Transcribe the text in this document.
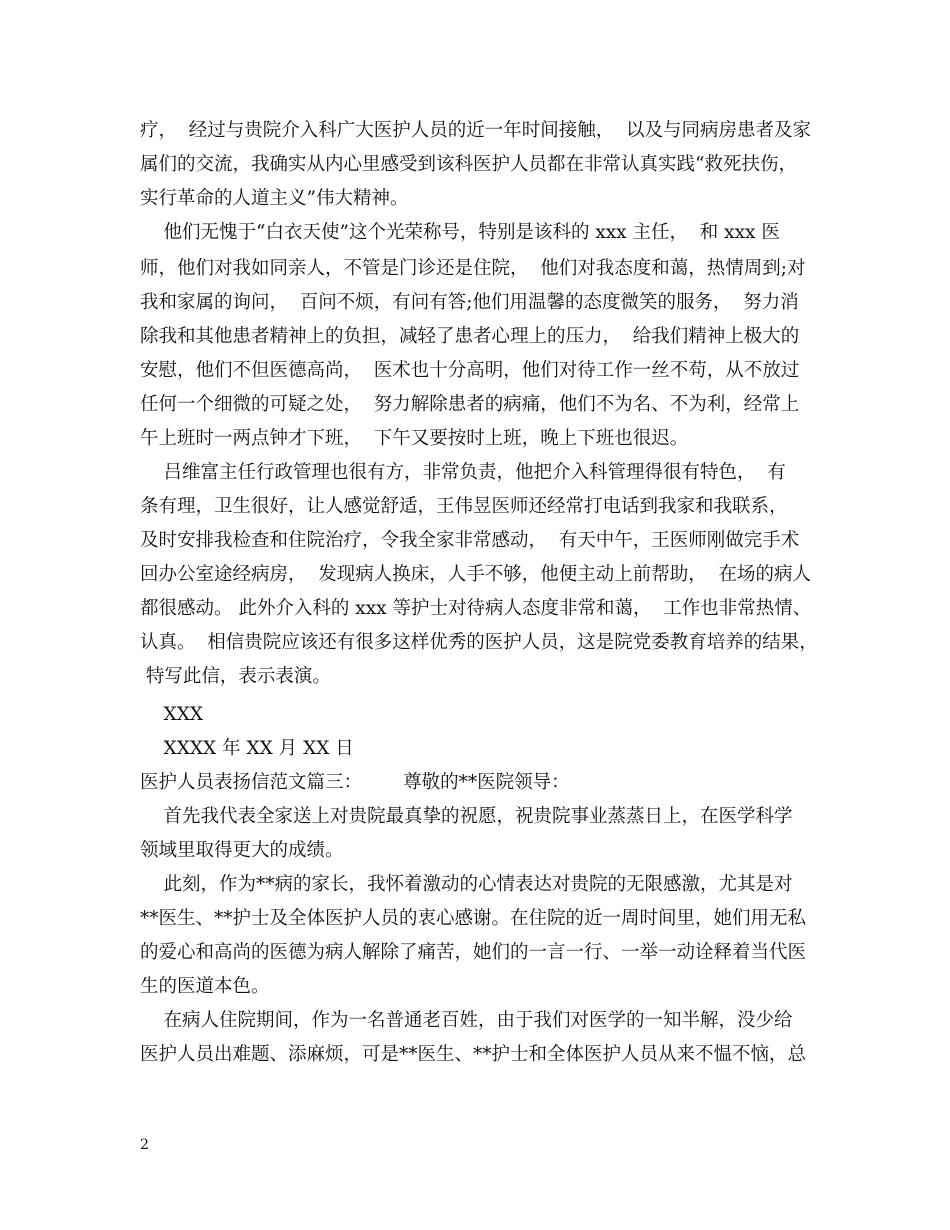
疗，  经过与贵院介入科广大医护人员的近一年时间接触，  以及与同病房患者及家
属们的交流，我确实从内心里感受到该科医护人员都在非常认真实践“救死扶伤，
实行革命的人道主义”伟大精神。
他们无愧于“白衣天使”这个光荣称号，特别是该科的 xxx 主任，  和 xxx 医
师，他们对我如同亲人，不管是门诊还是住院，  他们对我态度和蔼，热情周到;对
我和家属的询问，  百问不烦，有问有答;他们用温馨的态度微笑的服务，  努力消
除我和其他患者精神上的负担，减轻了患者心理上的压力，  给我们精神上极大的
安慰，他们不但医德高尚，  医术也十分高明，他们对待工作一丝不苟，从不放过
任何一个细微的可疑之处，  努力解除患者的病痛，他们不为名、不为利，经常上
午上班时一两点钟才下班，  下午又要按时上班，晚上下班也很迟。
吕维富主任行政管理也很有方，非常负责，他把介入科管理得很有特色，  有
条有理，卫生很好，让人感觉舒适，王伟昱医师还经常打电话到我家和我联系，
及时安排我检查和住院治疗，令我全家非常感动，  有天中午，王医师刚做完手术
回办公室途经病房，  发现病人换床，人手不够，他便主动上前帮助，  在场的病人
都很感动。 此外介入科的 xxx 等护士对待病人态度非常和蔼，  工作也非常热情、
认真。  相信贵院应该还有很多这样优秀的医护人员，这是院党委教育培养的结果，
特写此信，表示表演。
XXX
XXXX 年 XX 月 XX 日
医护人员表扬信范文篇三：       尊敬的**医院领导：
首先我代表全家送上对贵院最真挚的祝愿，祝贵院事业蒸蒸日上，在医学科学
领域里取得更大的成绩。
此刻，作为**病的家长，我怀着激动的心情表达对贵院的无限感激，尤其是对
**医生、**护士及全体医护人员的衷心感谢。在住院的近一周时间里，她们用无私
的爱心和高尚的医德为病人解除了痛苦，她们的一言一行、一举一动诠释着当代医
生的医道本色。
在病人住院期间，作为一名普通老百姓，由于我们对医学的一知半解，没少给
医护人员出难题、添麻烦，可是**医生、**护士和全体医护人员从来不愠不恼，总
2
